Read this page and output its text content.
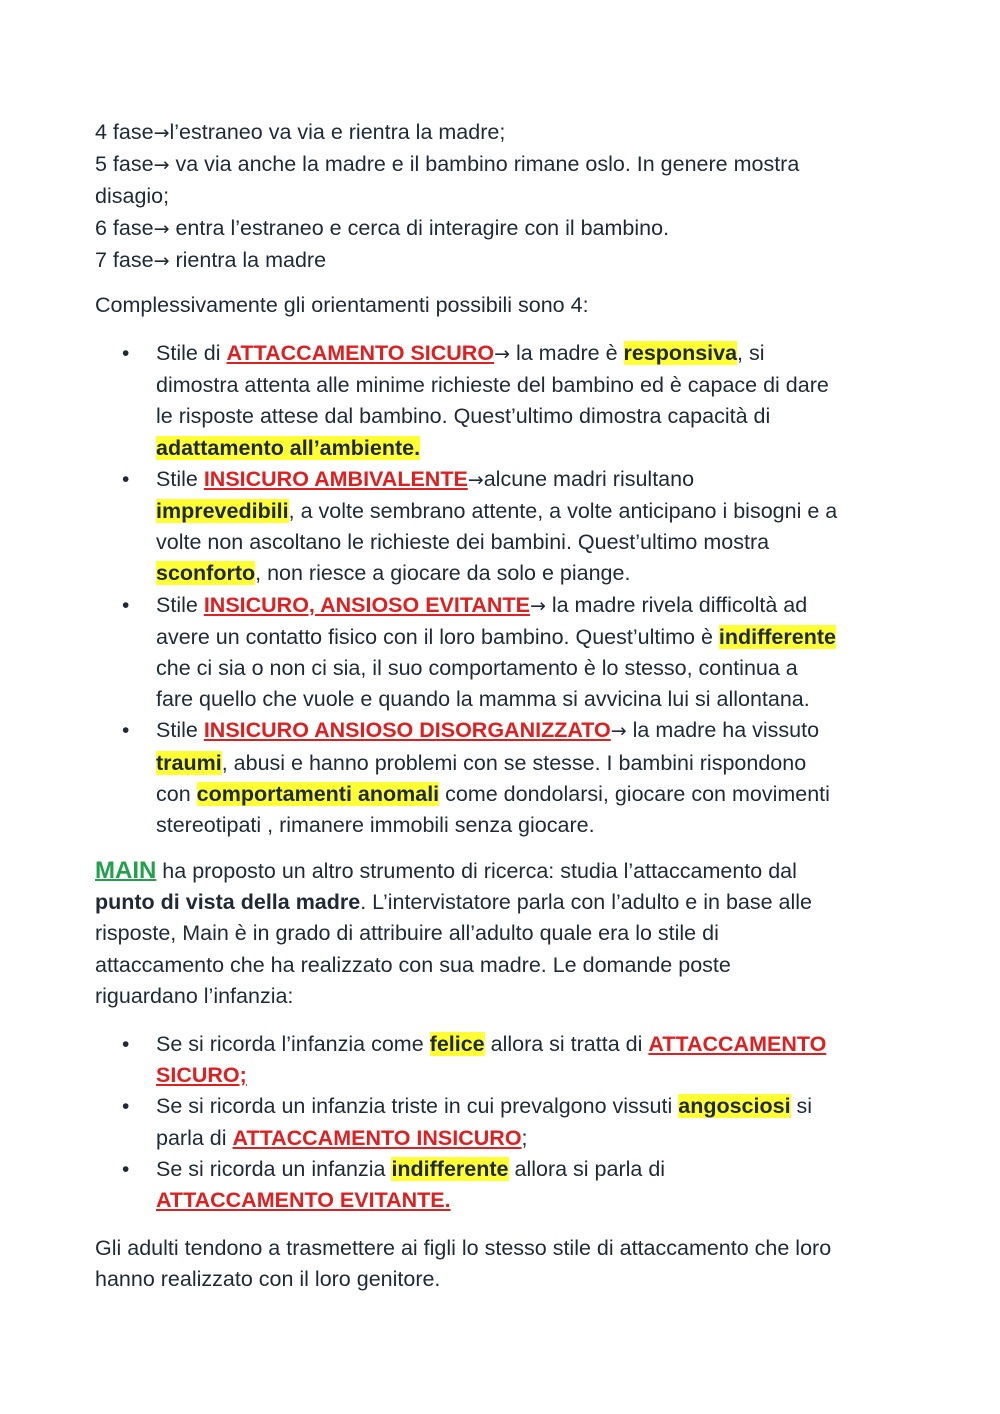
4 fase→l’estraneo va via e rientra la madre;
5 fase→ va via anche la madre e il bambino rimane oslo. In genere mostra
disagio;
6 fase→ entra l’estraneo e cerca di interagire con il bambino.
7 fase→ rientra la madre
Complessivamente gli orientamenti possibili sono 4:
• Stile di ATTACCAMENTO SICURO→ la madre è responsiva, si
dimostra attenta alle minime richieste del bambino ed è capace di dare
le risposte attese dal bambino. Quest’ultimo dimostra capacità di
adattamento all’ambiente.
• Stile INSICURO AMBIVALENTE→alcune madri risultano
imprevedibili, a volte sembrano attente, a volte anticipano i bisogni e a
volte non ascoltano le richieste dei bambini. Quest’ultimo mostra
sconforto, non riesce a giocare da solo e piange.
• Stile INSICURO, ANSIOSO EVITANTE→ la madre rivela difficoltà ad
avere un contatto fisico con il loro bambino. Quest’ultimo è indifferente
che ci sia o non ci sia, il suo comportamento è lo stesso, continua a
fare quello che vuole e quando la mamma si avvicina lui si allontana.
• Stile INSICURO ANSIOSO DISORGANIZZATO→ la madre ha vissuto
traumi, abusi e hanno problemi con se stesse. I bambini rispondono
con comportamenti anomali come dondolarsi, giocare con movimenti
stereotipati , rimanere immobili senza giocare.
MAIN ha proposto un altro strumento di ricerca: studia l’attaccamento dal
punto di vista della madre. L’intervistatore parla con l’adulto e in base alle
risposte, Main è in grado di attribuire all’adulto quale era lo stile di
attaccamento che ha realizzato con sua madre. Le domande poste
riguardano l’infanzia:
• Se si ricorda l’infanzia come felice allora si tratta di ATTACCAMENTO
SICURO;
• Se si ricorda un infanzia triste in cui prevalgono vissuti angosciosi si
parla di ATTACCAMENTO INSICURO;
• Se si ricorda un infanzia indifferente allora si parla di
ATTACCAMENTO EVITANTE.
Gli adulti tendono a trasmettere ai figli lo stesso stile di attaccamento che loro
hanno realizzato con il loro genitore.
